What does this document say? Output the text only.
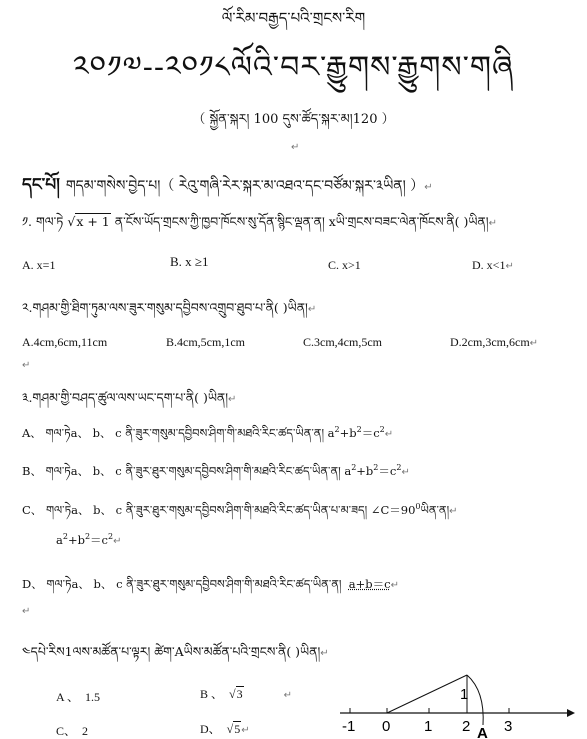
ལོ་རིམ་བརྒྱད་པའི་གྲངས་རིག
༢༠༡༧--༢༠༡༨ལོའི་བར་རྒྱུགས་རྒྱུགས་གཞི
（ སྐྱོན་སྐར། 100 དུས་ཚོད་སྐར་མ།120 ）
↵
དང་པོ། གདམ་གསེས་བྱེད་པ།（ རེའུ་གཞི་རེར་སྐར་མ་འཐའ་དང་བཙོམ་སྐར་༣ཡིན། ）↵
༡. གལ་ཏེ √x + 1 ན་ངོས་ཡོད་གྲངས་ཀྱི་ཁྱབ་ཁོངས་སུ་དོན་སྙིང་ལྡན་ན། xཡི་གྲངས་བཟང་ལེན་ཁོངས་ནི( )ཡིན།↵
A. x=1	B. x ≥1	C. x>1	D. x<1↵
༢.གཤམ་གྱི་ཐིག་ཏུམ་ལས་ཟུར་གསུམ་དབྱིབས་འགྲུབ་ཐུབ་པ་ནི( )ཡིན།↵
A.4cm,6cm,11cm	B.4cm,5cm,1cm	C.3cm,4cm,5cm	D.2cm,3cm,6cm↵
↵
༣.གཤམ་གྱི་བཤད་ཚུལ་ལས་ཡང་དག་པ་ནི( )ཡིན།↵
A、 གལ་ཏེa、 b、 c ནི་ཟུར་གསུམ་དབྱིབས་ཤིག་གི་མཐའི་རིང་ཚད་ཡིན་ན། $a^2+b^2=c^2↵$
B、 གལ་ཏེa、 b、 c ནི་ཟུར་ཐུར་གསུམ་དབྱིབས་ཤིག་གི་མཐའི་རིང་ཚད་ཡིན་ན། $a^2+b^2=c^2↵$
C、 གལ་ཏེa、 b、 c ནི་ཟུར་ཐུར་གསུམ་དབྱིབས་ཤིག་གི་མཐའི་རིང་ཚད་ཡིན་པ་མ་ཟད། $\angle C=90^0ཡིན་ན།↵$
$a^2+b^2=c^2↵$
D、 གལ་ཏེa、 b、 c ནི་ཟུར་ཐུར་གསུམ་དབྱིབས་ཤིག་གི་མཐའི་རིང་ཚད་ཡིན་ན། a+b＝c↵
↵
༤དཔེ་རིས1ལས་མཚོན་པ་ལྟར། ཚེག་Aཡིས་མཚོན་པའི་གྲངས་ནི( )ཡིན།↵
A 、 1.5	B 、  √3	↵
C、 2	D、  √5↵	-1 0 1 2 3
1
A
